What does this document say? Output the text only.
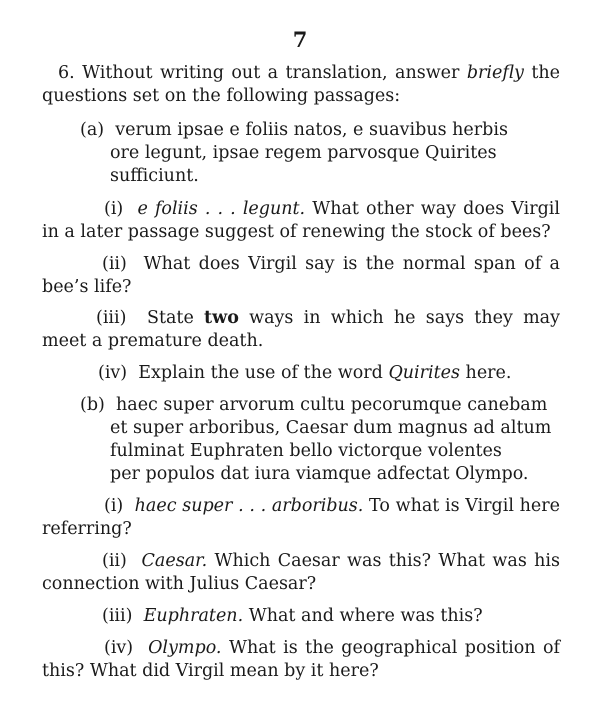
7
6. Without writing out a translation, answer briefly the questions set on the following passages:
(a) verum ipsae e foliis natos, e suavibus herbis
ore legunt, ipsae regem parvosque Quirites
sufficiunt.
(i) e foliis . . . legunt. What other way does Virgil in a later passage suggest of renewing the stock of bees?
(ii) What does Virgil say is the normal span of a bee’s life?
(iii) State two ways in which he says they may meet a premature death.
(iv) Explain the use of the word Quirites here.
(b) haec super arvorum cultu pecorumque canebam
et super arboribus, Caesar dum magnus ad altum
fulminat Euphraten bello victorque volentes
per populos dat iura viamque adfectat Olympo.
(i) haec super . . . arboribus. To what is Virgil here referring?
(ii) Caesar. Which Caesar was this? What was his connection with Julius Caesar?
(iii) Euphraten. What and where was this?
(iv) Olympo. What is the geographical position of this? What did Virgil mean by it here?
